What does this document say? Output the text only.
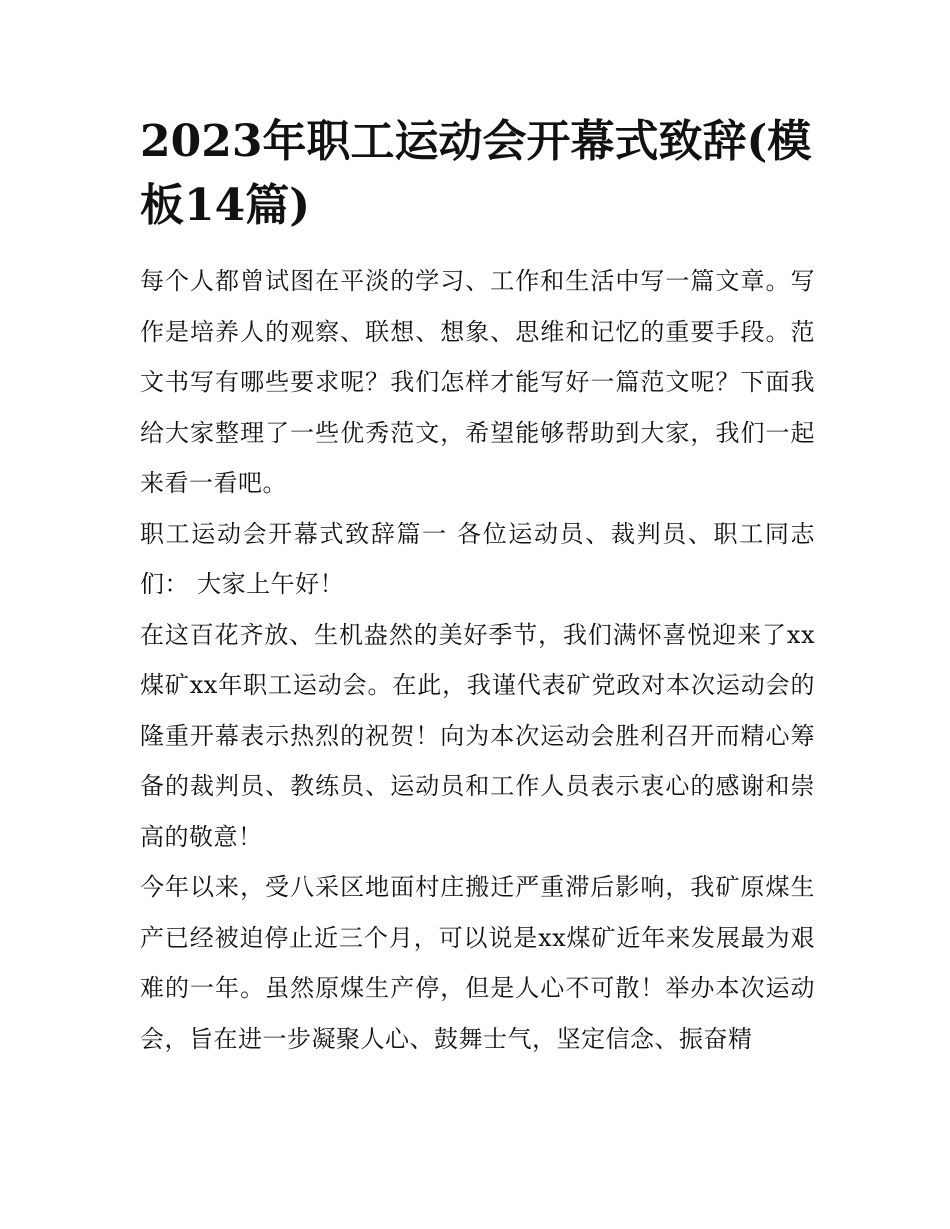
2023年职工运动会开幕式致辞(模板14篇)

每个人都曾试图在平淡的学习、工作和生活中写一篇文章。写作是培养人的观察、联想、想象、思维和记忆的重要手段。范文书写有哪些要求呢？我们怎样才能写好一篇范文呢？下面我给大家整理了一些优秀范文，希望能够帮助到大家，我们一起来看一看吧。

职工运动会开幕式致辞篇一 各位运动员、裁判员、职工同志们： 大家上午好！

在这百花齐放、生机盎然的美好季节，我们满怀喜悦迎来了xx煤矿xx年职工运动会。在此，我谨代表矿党政对本次运动会的隆重开幕表示热烈的祝贺！向为本次运动会胜利召开而精心筹备的裁判员、教练员、运动员和工作人员表示衷心的感谢和崇高的敬意！

今年以来，受八采区地面村庄搬迁严重滞后影响，我矿原煤生产已经被迫停止近三个月，可以说是xx煤矿近年来发展最为艰难的一年。虽然原煤生产停，但是人心不可散！举办本次运动会，旨在进一步凝聚人心、鼓舞士气，坚定信念、振奋精
